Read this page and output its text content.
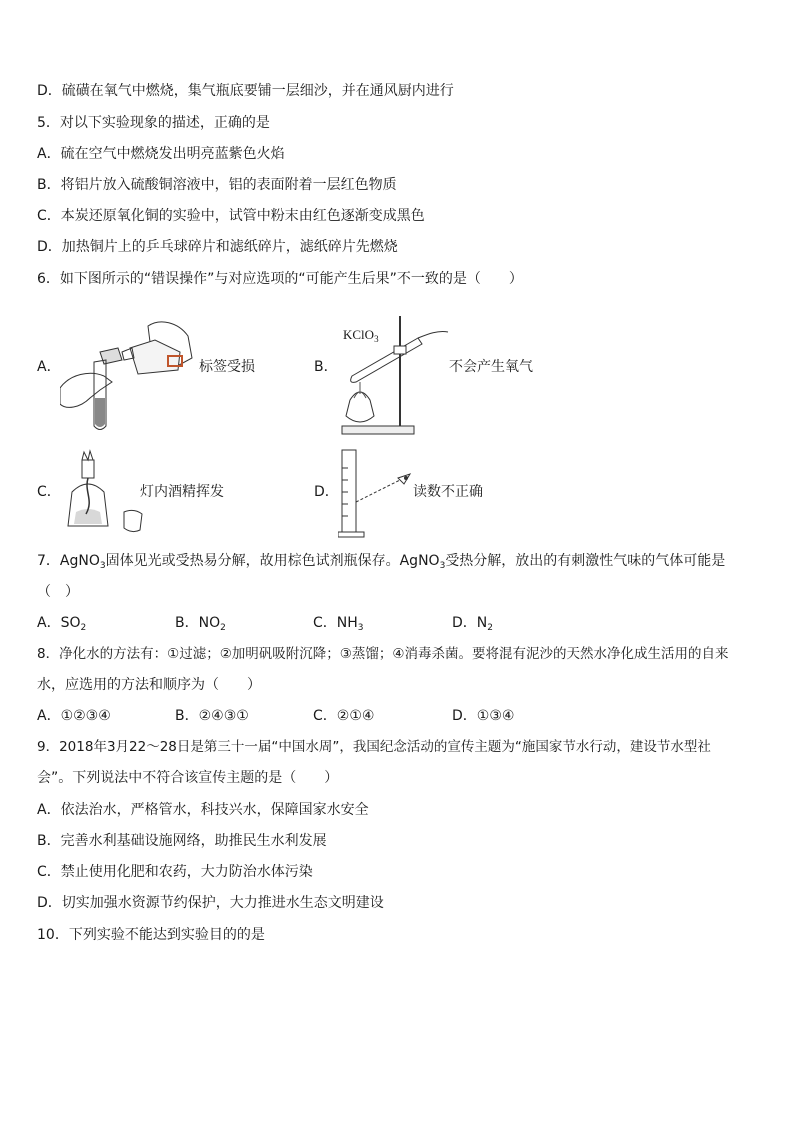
D．硫磺在氧气中燃烧，集气瓶底要铺一层细沙，并在通风厨内进行
5．对以下实验现象的描述，正确的是
A．硫在空气中燃烧发出明亮蓝紫色火焰
B．将铝片放入硫酸铜溶液中，铝的表面附着一层红色物质
C．本炭还原氧化铜的实验中，试管中粉末由红色逐渐变成黑色
D．加热铜片上的乒乓球碎片和滤纸碎片，滤纸碎片先燃烧
6．如下图所示的“错误操作”与对应选项的“可能产生后果”不一致的是（　　）
A．	标签受损	B．
KClO$_3$
不会产生氧气
C．	灯内酒精挥发	D．	读数不正确
7．AgNO$_3$固体见光或受热易分解，故用棕色试剂瓶保存。AgNO$_3$受热分解，放出的有刺激性气味的气体可能是
（　）
A．$SO_2$	B．$NO_2$	C．$NH_3$	D．$N_2$
8．净化水的方法有：①过滤；②加明矾吸附沉降；③蒸馏；④消毒杀菌。要将混有泥沙的天然水净化成生活用的自来
水，应选用的方法和顺序为（　　）
A．①②③④	B．②④③①	C．②①④	D．①③④
9．2018年3月22～28日是第三十一届“中国水周”，我国纪念活动的宣传主题为“施国家节水行动，建设节水型社
会”。下列说法中不符合该宣传主题的是（　　）
A．依法治水，严格管水，科技兴水，保障国家水安全
B．完善水利基础设施网络，助推民生水利发展
C．禁止使用化肥和农药，大力防治水体污染
D．切实加强水资源节约保护，大力推进水生态文明建设
10．下列实验不能达到实验目的的是
